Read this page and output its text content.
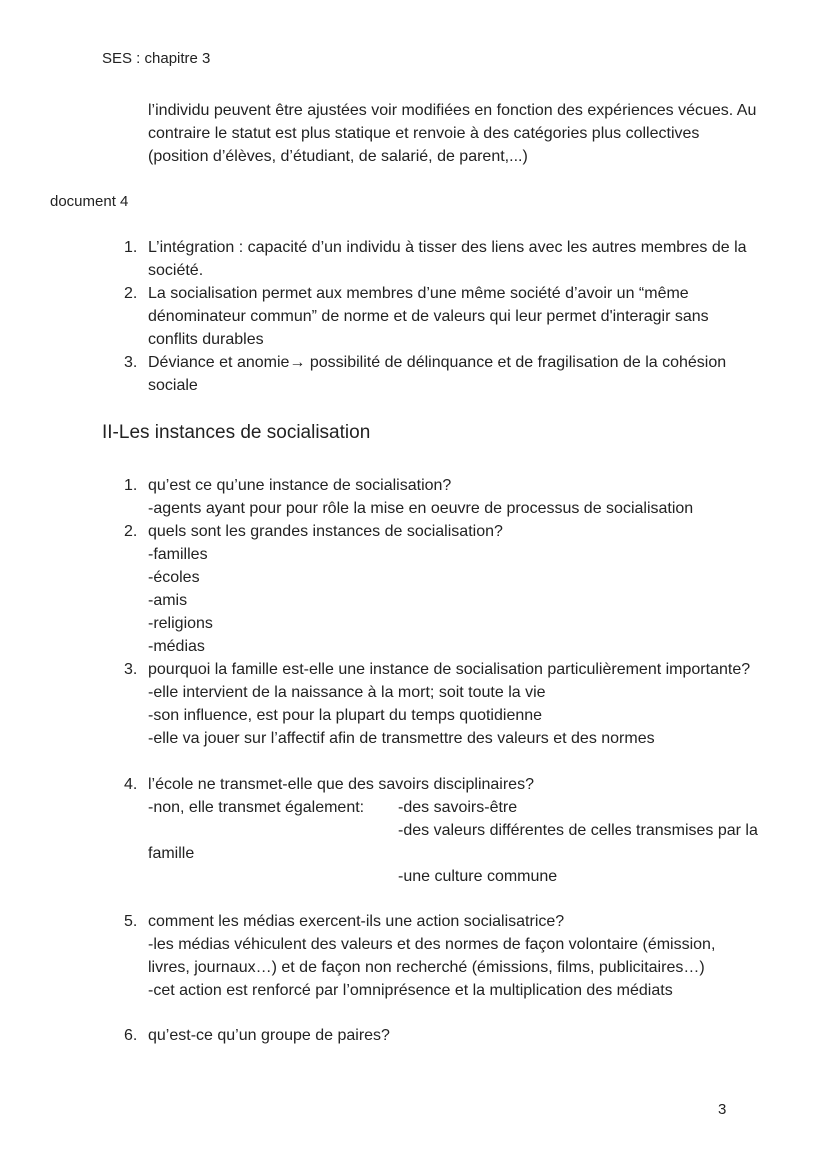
SES : chapitre 3
l’individu peuvent être ajustées voir modifiées en fonction des expériences vécues. Au
contraire le statut est plus statique et renvoie à des catégories plus collectives
(position d’élèves, d’étudiant, de salarié, de parent,...)
document 4
1. L’intégration : capacité d’un individu à tisser des liens avec les autres membres de la
société.
2. La socialisation permet aux membres d’une même société d’avoir un “même
dénominateur commun” de norme et de valeurs qui leur permet d'interagir sans
conflits durables
3. Déviance et anomie→ possibilité de délinquance et de fragilisation de la cohésion
sociale
II-Les instances de socialisation
1. qu’est ce qu’une instance de socialisation?
-agents ayant pour pour rôle la mise en oeuvre de processus de socialisation
2. quels sont les grandes instances de socialisation?
-familles
-écoles
-amis
-religions
-médias
3. pourquoi la famille est-elle une instance de socialisation particulièrement importante?
-elle intervient de la naissance à la mort; soit toute la vie
-son influence, est pour la plupart du temps quotidienne
-elle va jouer sur l’affectif afin de transmettre des valeurs et des normes
4. l’école ne transmet-elle que des savoirs disciplinaires?
-non, elle transmet également: -des savoirs-être
-des valeurs différentes de celles transmises par la
famille
-une culture commune
5. comment les médias exercent-ils une action socialisatrice?
-les médias véhiculent des valeurs et des normes de façon volontaire (émission,
livres, journaux…) et de façon non recherché (émissions, films, publicitaires…)
-cet action est renforcé par l’omniprésence et la multiplication des médiats
6. qu’est-ce qu’un groupe de paires?
3
